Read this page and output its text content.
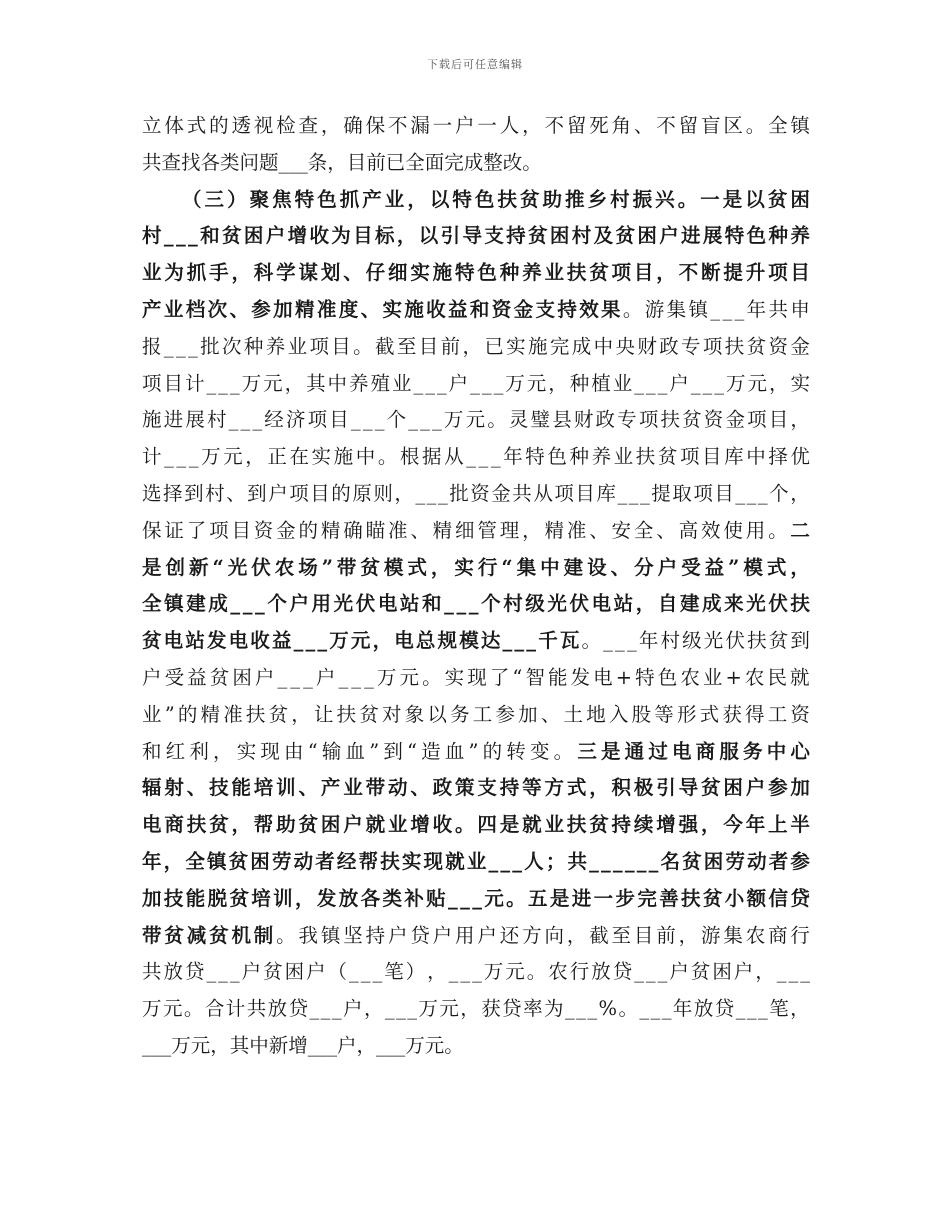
下载后可任意编辑
立 体 式 的 透 视 检 查 ， 确 保 不 漏 一 户 一 人 ， 不 留 死 角 、 不 留 盲 区 。 全 镇
共查找各类问题___条，目前已全面完成整改。
（ 三 ） 聚 焦 特 色 抓 产 业 ， 以 特 色 扶 贫 助 推 乡 村 振 兴 。 一 是 以 贫 困
村 _ _ _ 和 贫 困 户 增 收 为 目 标 ， 以 引 导 支 持 贫 困 村 及 贫 困 户 进 展 特 色 种 养
业 为 抓 手 ， 科 学 谋 划 、 仔 细 实 施 特 色 种 养 业 扶 贫 项 目 ， 不 断 提 升 项 目
产 业 档 次 、 参 加 精 准 度 、 实 施 收 益 和 资 金 支 持 效 果 。 游 集 镇 _ _ _ 年 共 申
报 _ _ _ 批 次 种 养 业 项 目 。 截 至 目 前 ， 已 实 施 完 成 中 央 财 政 专 项 扶 贫 资 金
项 目 计 _ _ _ 万 元 ， 其 中 养 殖 业 _ _ _ 户 _ _ _ 万 元 ， 种 植 业 _ _ _ 户 _ _ _ 万 元 ， 实
施 进 展 村 _ _ _ 经 济 项 目 _ _ _ 个 _ _ _ 万 元 。 灵 璧 县 财 政 专 项 扶 贫 资 金 项 目 ，
计 _ _ _ 万 元 ， 正 在 实 施 中 。 根 据 从 _ _ _ 年 特 色 种 养 业 扶 贫 项 目 库 中 择 优
选 择 到 村 、 到 户 项 目 的 原 则 ， _ _ _ 批 资 金 共 从 项 目 库 _ _ _ 提 取 项 目 _ _ _ 个 ，
保 证 了 项 目 资 金 的 精 确 瞄 准 、 精 细 管 理 ， 精 准 、 安 全 、 高 效 使 用 。 二
是 创 新 “ 光 伏 农 场 ” 带 贫 模 式 ， 实 行 “ 集 中 建 设 、 分 户 受 益 ” 模 式 ，
全 镇 建 成 _ _ _ 个 户 用 光 伏 电 站 和 _ _ _ 个 村 级 光 伏 电 站 ， 自 建 成 来 光 伏 扶
贫 电 站 发 电 收 益 _ _ _ 万 元 ， 电 总 规 模 达 _ _ _ 千 瓦 。 _ _ _ 年 村 级 光 伏 扶 贫 到
户 受 益 贫 困 户 _ _ _ 户 _ _ _ 万 元 。 实 现 了 “ 智 能 发 电 + 特 色 农 业 + 农 民 就
业 ” 的 精 准 扶 贫 ， 让 扶 贫 对 象 以 务 工 参 加 、 土 地 入 股 等 形 式 获 得 工 资
和 红 利 ， 实 现 由 “ 输 血 ” 到 “ 造 血 ” 的 转 变 。 三 是 通 过 电 商 服 务 中 心
辐 射 、 技 能 培 训 、 产 业 带 动 、 政 策 支 持 等 方 式 ， 积 极 引 导 贫 困 户 参 加
电 商 扶 贫 ， 帮 助 贫 困 户 就 业 增 收 。 四 是 就 业 扶 贫 持 续 增 强 ， 今 年 上 半
年 ， 全 镇 贫 困 劳 动 者 经 帮 扶 实 现 就 业 _ _ _ 人 ； 共 _ _ _ _ _ _ 名 贫 困 劳 动 者 参
加 技 能 脱 贫 培 训 ， 发 放 各 类 补 贴 _ _ _ 元 。 五 是 进 一 步 完 善 扶 贫 小 额 信 贷
带 贫 减 贫 机 制 。 我 镇 坚 持 户 贷 户 用 户 还 方 向 ， 截 至 目 前 ， 游 集 农 商 行
共 放 贷 _ _ _ 户 贫 困 户 （ _ _ _ 笔 ） ， _ _ _ 万 元 。 农 行 放 贷 _ _ _ 户 贫 困 户 ， _ _ _
万 元 。 合 计 共 放 贷 _ _ _ 户 ， _ _ _ 万 元 ， 获 贷 率 为 _ _ _ % 。 _ _ _ 年 放 贷 _ _ _ 笔 ，
___万元，其中新增___户，___万元。
